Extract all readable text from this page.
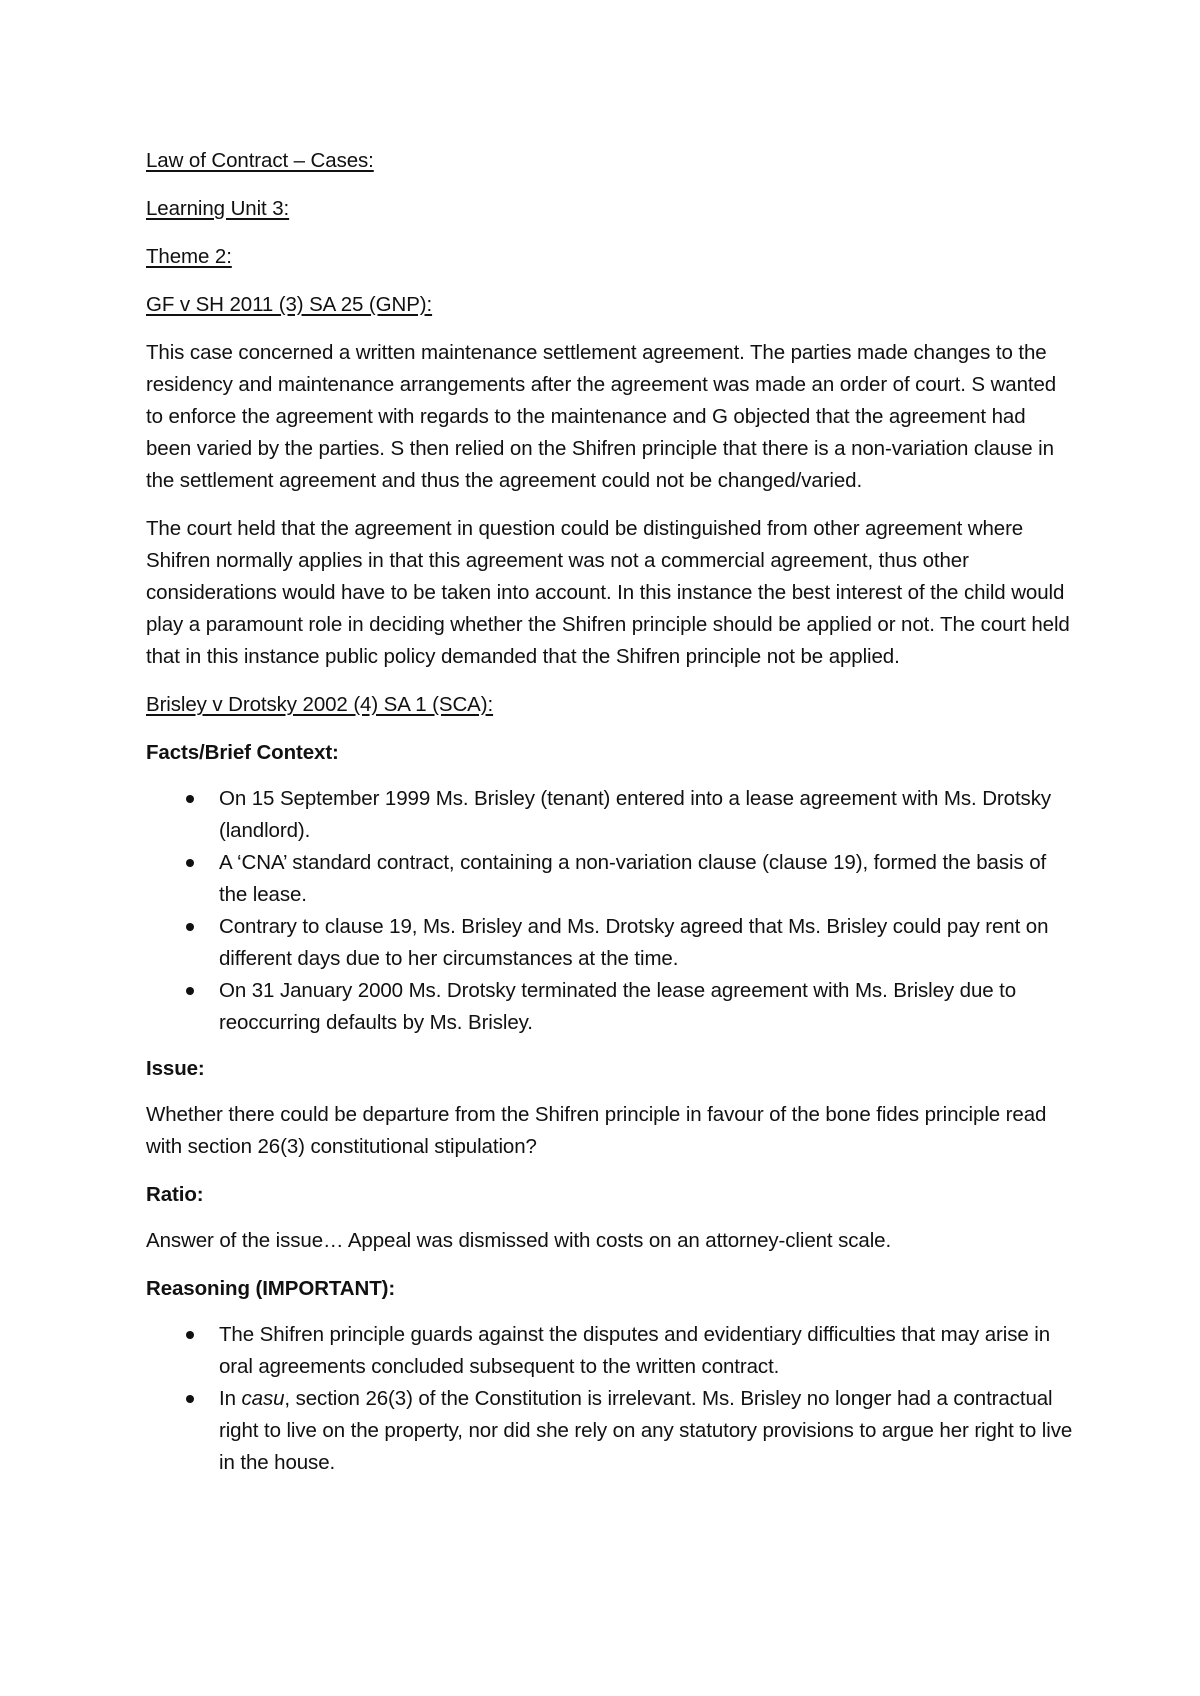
Law of Contract – Cases:
Learning Unit 3:
Theme 2:
GF v SH 2011 (3) SA 25 (GNP):

This case concerned a written maintenance settlement agreement. The parties made changes to the residency and maintenance arrangements after the agreement was made an order of court. S wanted to enforce the agreement with regards to the maintenance and G objected that the agreement had been varied by the parties. S then relied on the Shifren principle that there is a non-variation clause in the settlement agreement and thus the agreement could not be changed/varied.

The court held that the agreement in question could be distinguished from other agreement where Shifren normally applies in that this agreement was not a commercial agreement, thus other considerations would have to be taken into account. In this instance the best interest of the child would play a paramount role in deciding whether the Shifren principle should be applied or not. The court held that in this instance public policy demanded that the Shifren principle not be applied.

Brisley v Drotsky 2002 (4) SA 1 (SCA):
Facts/Brief Context:
On 15 September 1999 Ms. Brisley (tenant) entered into a lease agreement with Ms. Drotsky (landlord).
A ‘CNA’ standard contract, containing a non-variation clause (clause 19), formed the basis of the lease.
Contrary to clause 19, Ms. Brisley and Ms. Drotsky agreed that Ms. Brisley could pay rent on different days due to her circumstances at the time.
On 31 January 2000 Ms. Drotsky terminated the lease agreement with Ms. Brisley due to reoccurring defaults by Ms. Brisley.
Issue:

Whether there could be departure from the Shifren principle in favour of the bone fides principle read with section 26(3) constitutional stipulation?

Ratio:

Answer of the issue… Appeal was dismissed with costs on an attorney-client scale.

Reasoning (IMPORTANT):
The Shifren principle guards against the disputes and evidentiary difficulties that may arise in oral agreements concluded subsequent to the written contract.
In casu, section 26(3) of the Constitution is irrelevant. Ms. Brisley no longer had a contractual right to live on the property, nor did she rely on any statutory provisions to argue her right to live in the house.
